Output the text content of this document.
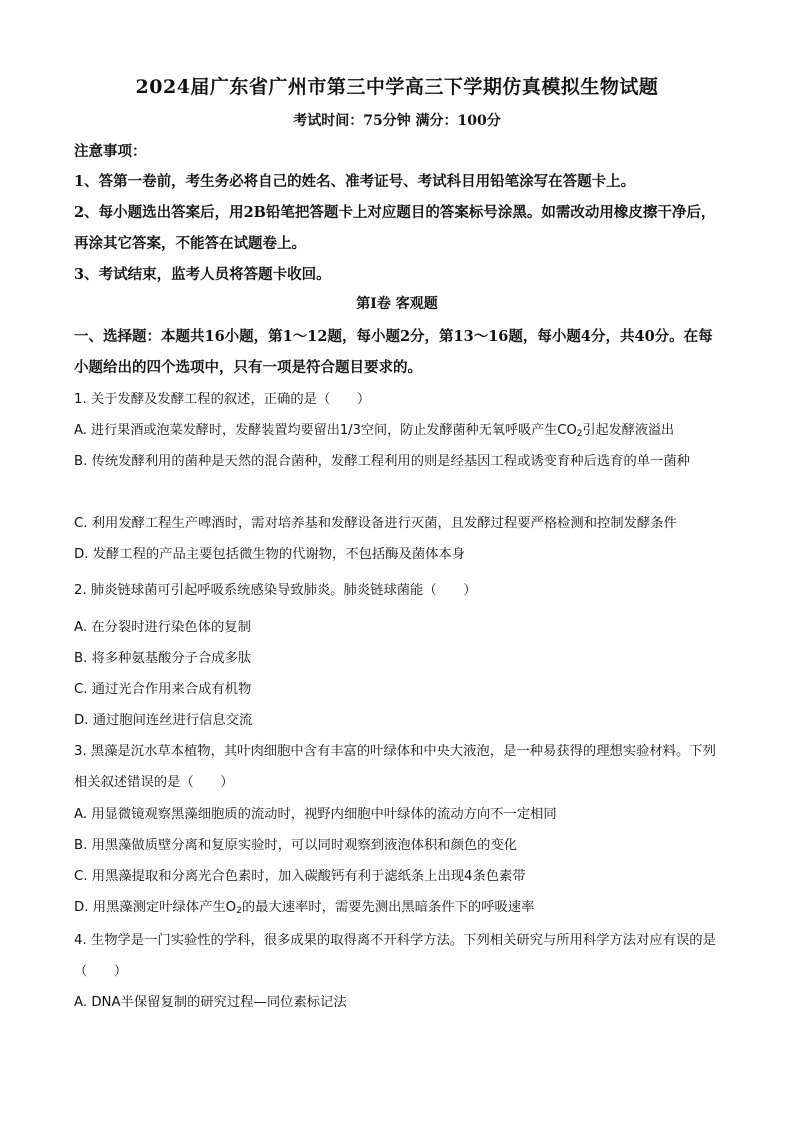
2024届广东省广州市第三中学高三下学期仿真模拟生物试题
考试时间：75分钟 满分：100分
注意事项：
1、答第一卷前，考生务必将自己的姓名、准考证号、考试科目用铅笔涂写在答题卡上。
2、每小题选出答案后，用2B铅笔把答题卡上对应题目的答案标号涂黑。如需改动用橡皮擦干净后，再涂其它答案，不能答在试题卷上。
3、考试结束，监考人员将答题卡收回。
第Ⅰ卷 客观题
一、选择题：本题共16小题，第1～12题，每小题2分，第13～16题，每小题4分，共40分。在每小题给出的四个选项中，只有一项是符合题目要求的。
1. 关于发酵及发酵工程的叙述，正确的是（　　）
A. 进行果酒或泡菜发酵时，发酵装置均要留出1/3空间，防止发酵菌种无氧呼吸产生$CO_2$引起发酵液溢出
B. 传统发酵利用的菌种是天然的混合菌种，发酵工程利用的则是经基因工程或诱变育种后选育的单一菌种
C. 利用发酵工程生产啤酒时，需对培养基和发酵设备进行灭菌，且发酵过程要严格检测和控制发酵条件
D. 发酵工程的产品主要包括微生物的代谢物，不包括酶及菌体本身
2. 肺炎链球菌可引起呼吸系统感染导致肺炎。肺炎链球菌能（　　）
A. 在分裂时进行染色体的复制
B. 将多种氨基酸分子合成多肽
C. 通过光合作用来合成有机物
D. 通过胞间连丝进行信息交流
3. 黑藻是沉水草本植物，其叶肉细胞中含有丰富的叶绿体和中央大液泡，是一种易获得的理想实验材料。下列相关叙述错误的是（　　）
A. 用显微镜观察黑藻细胞质的流动时，视野内细胞中叶绿体的流动方向不一定相同
B. 用黑藻做质壁分离和复原实验时，可以同时观察到液泡体积和颜色的变化
C. 用黑藻提取和分离光合色素时，加入碳酸钙有利于滤纸条上出现4条色素带
D. 用黑藻测定叶绿体产生$O_2$的最大速率时，需要先测出黑暗条件下的呼吸速率
4. 生物学是一门实验性的学科，很多成果的取得离不开科学方法。下列相关研究与所用科学方法对应有误的是（　　）
A. DNA半保留复制的研究过程—同位素标记法
